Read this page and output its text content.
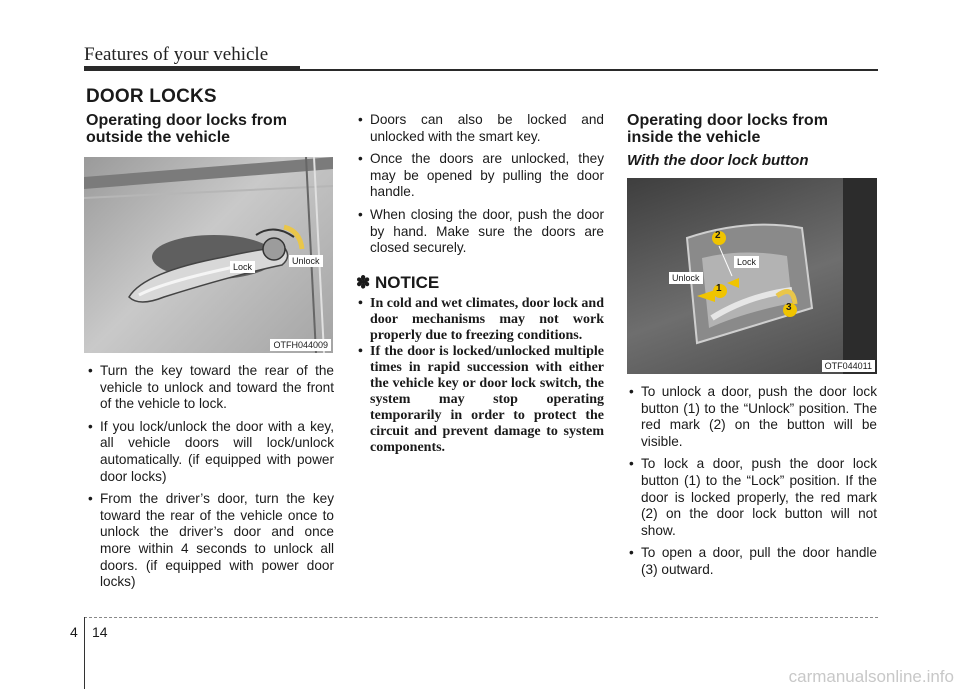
Features of your vehicle
DOOR LOCKS
Operating door locks from outside the vehicle
Lock
Unlock
OTFH044009
• Turn the key toward the rear of the vehicle to unlock and toward the front of the vehicle to lock.
• If you lock/unlock the door with a key, all vehicle doors will lock/unlock automatically. (if equipped with power door locks)
• From the driver’s door, turn the key toward the rear of the vehicle once to unlock the driver’s door and once more within 4 seconds to unlock all doors. (if equipped with power door locks)
• Doors can also be locked and unlocked with the smart key.
• Once the doors are unlocked, they may be opened by pulling the door handle.
• When closing the door, push the door by hand. Make sure the doors are closed securely.
✽ NOTICE
• In cold and wet climates, door lock and door mechanisms may not work properly due to freezing conditions.
• If the door is locked/unlocked multiple times in rapid succession with either the vehicle key or door lock switch, the system may stop operating temporarily in order to protect the circuit and prevent damage to system components.
Operating door locks from inside the vehicle
With the door lock button
Unlock
Lock
2
1
3
OTF044011
• To unlock a door, push the door lock button (1) to the “Unlock” position. The red mark (2) on the button will be visible.
• To lock a door, push the door lock button (1) to the “Lock” position. If the door is locked properly, the red mark (2) on the door lock button will not show.
• To open a door, pull the door handle (3) outward.
4 14
carmanualsonline.info
